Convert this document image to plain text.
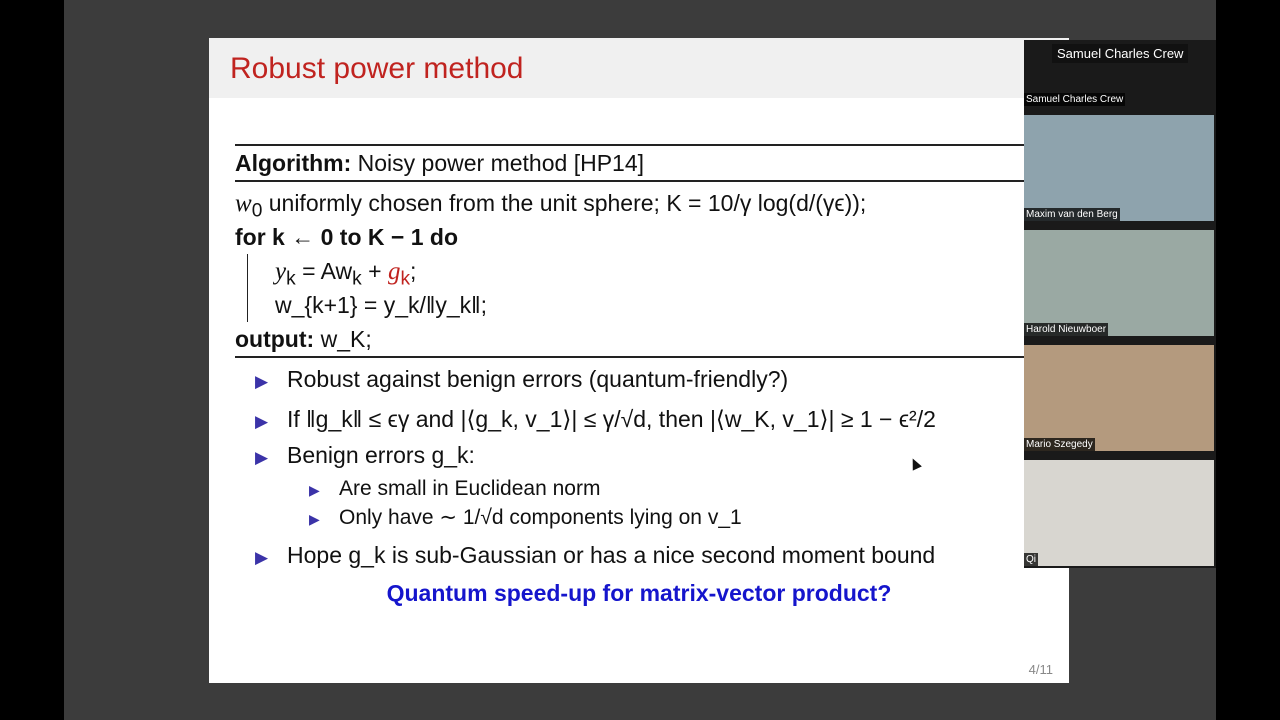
Robust power method
Algorithm: Noisy power method [HP14]
$w_0$ uniformly chosen from the unit sphere; K = 10/γ log(d/(γϵ));
for k ← 0 to K − 1 do
$y_k = Aw_k + g_k$;
w_{k+1} = y_k/‖y_k‖;
output: w_K;
▶ Robust against benign errors (quantum-friendly?)
▶ If ‖g_k‖ ≤ ϵγ and |⟨g_k, v_1⟩| ≤ γ/√d, then |⟨w_K, v_1⟩| ≥ 1 − ϵ²/2
▶ Benign errors g_k:
▶ Are small in Euclidean norm
▶ Only have ∼ 1/√d components lying on v_1
▶ Hope g_k is sub-Gaussian or has a nice second moment bound
Quantum speed-up for matrix-vector product?
4/11
Samuel Charles Crew
Samuel Charles Crew
Maxim van den Berg
Harold Nieuwboer
Mario Szegedy
Qi
